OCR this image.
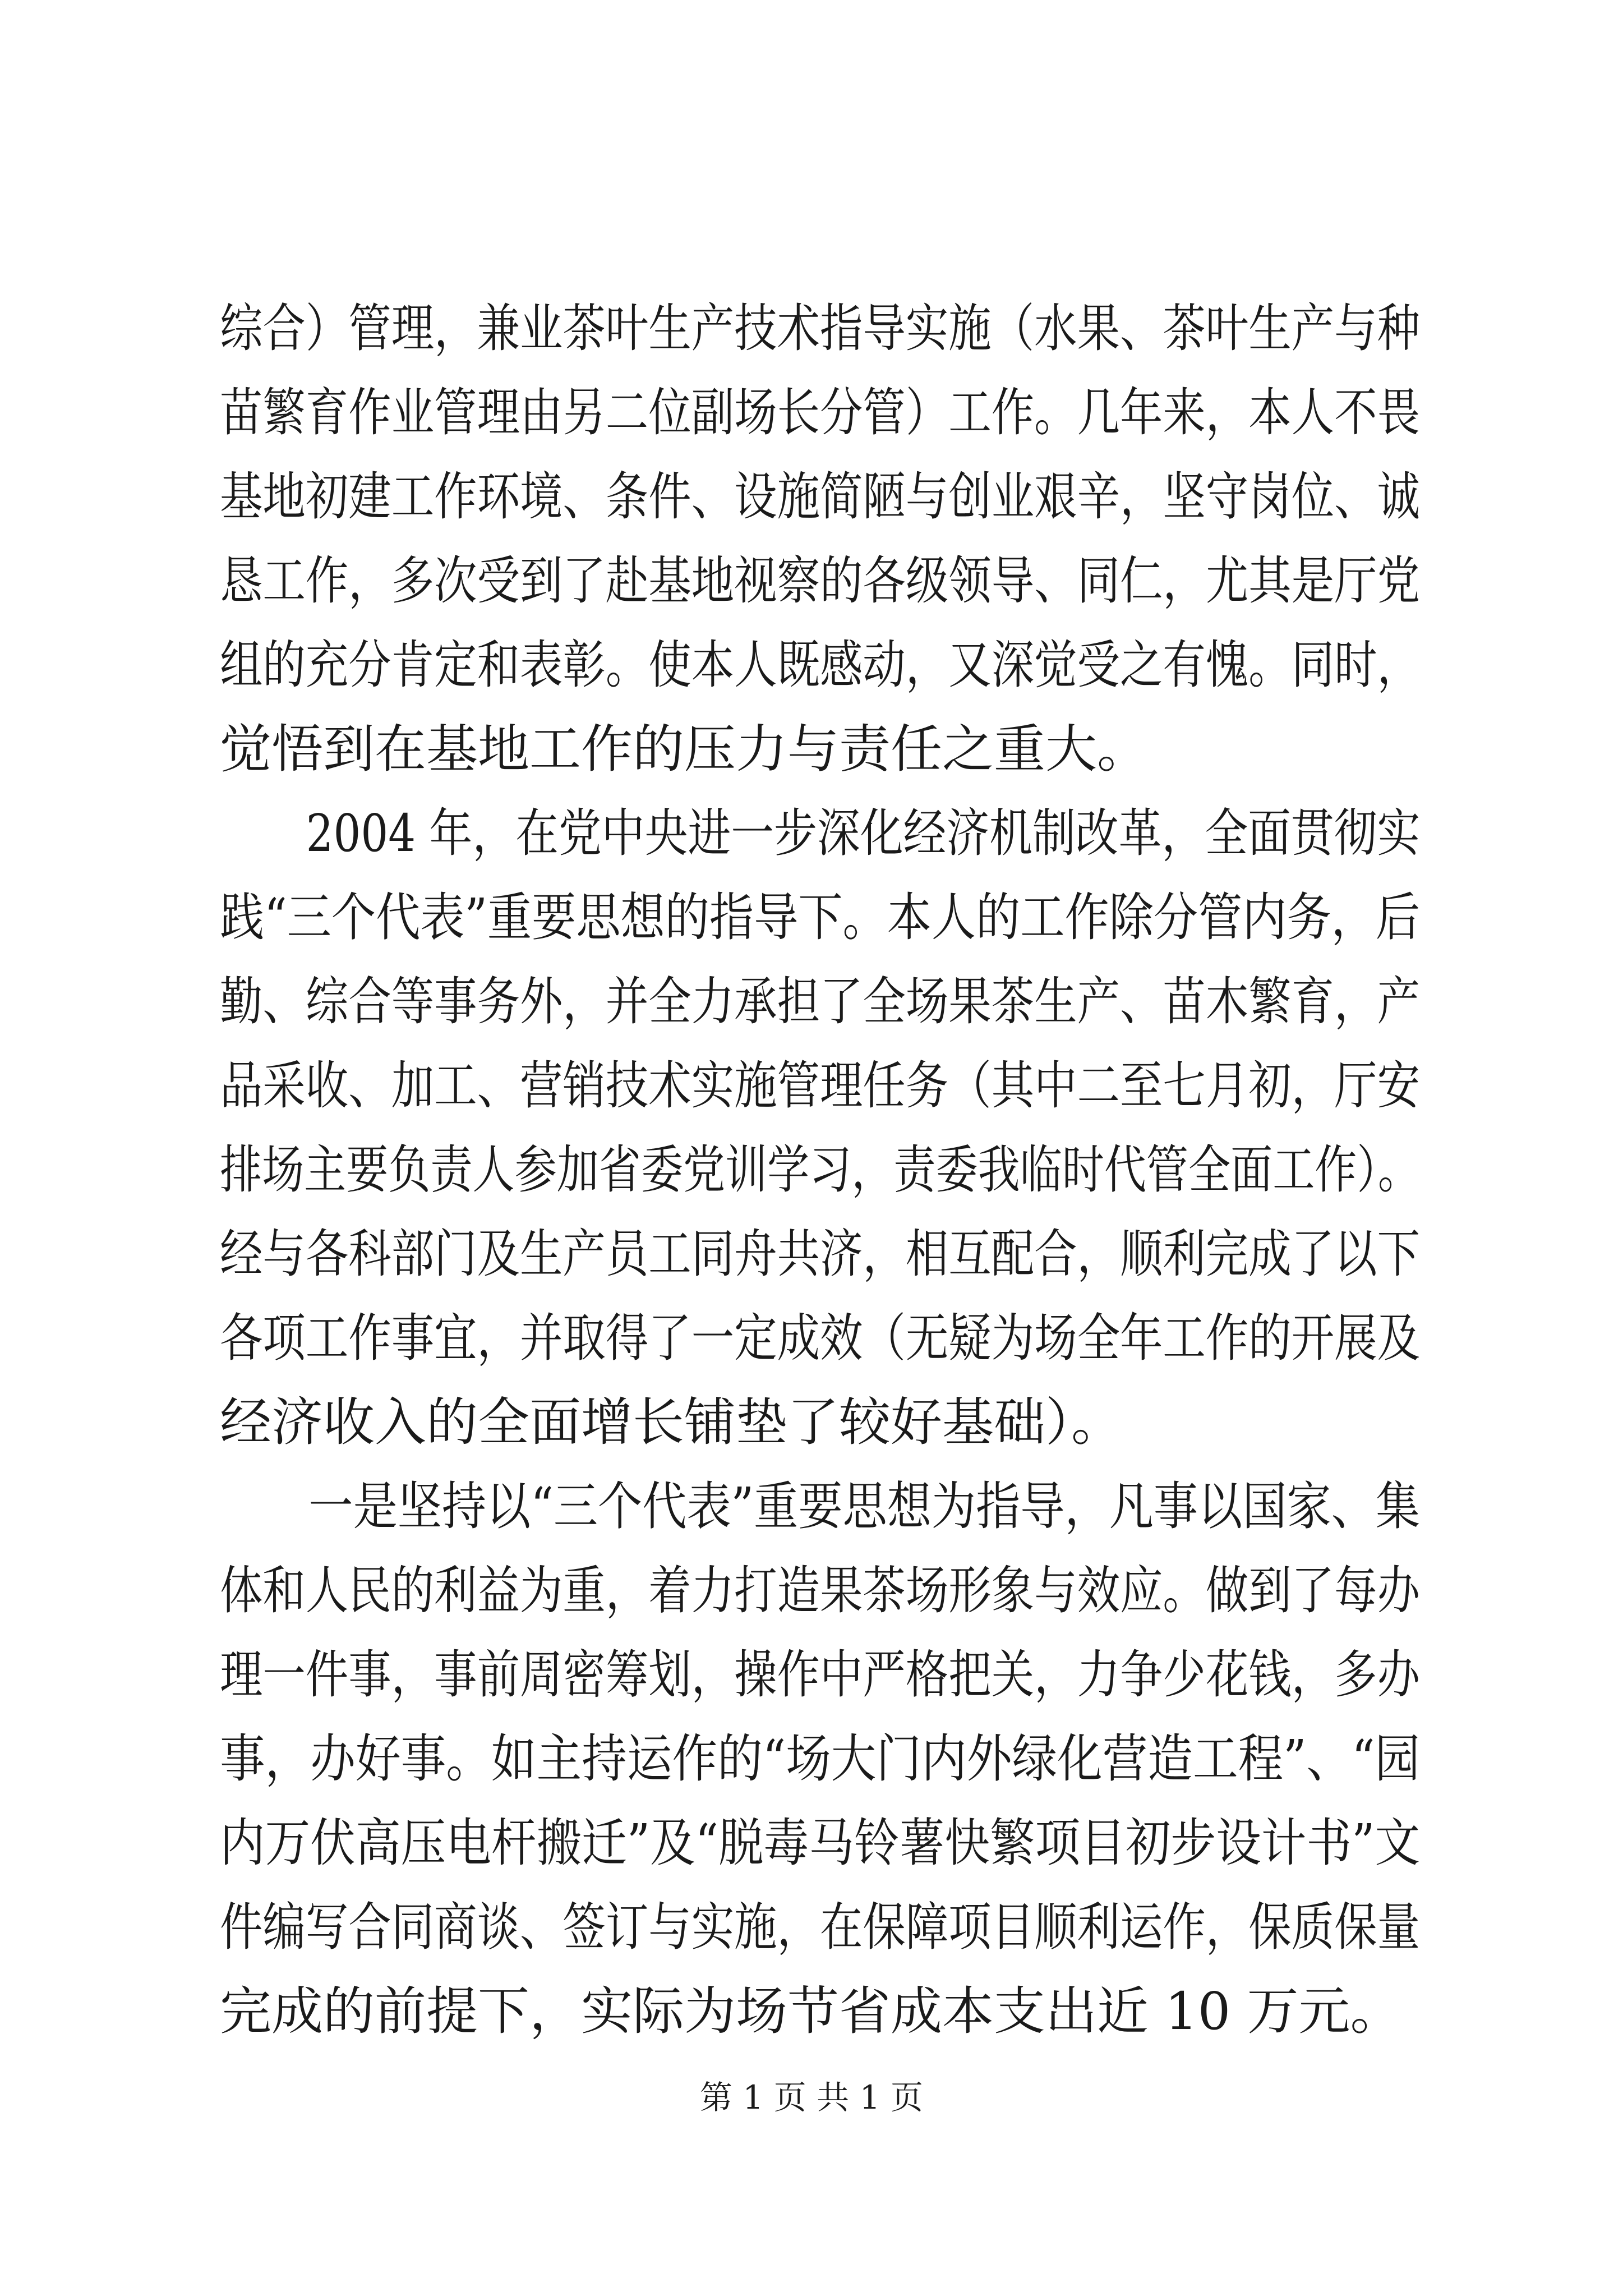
综合）管理，兼业茶叶生产技术指导实施（水果、茶叶生产与种
苗繁育作业管理由另二位副场长分管）工作。几年来，本人不畏
基地初建工作环境、条件、设施简陋与创业艰辛，坚守岗位、诚
恳工作，多次受到了赴基地视察的各级领导、同仁，尤其是厅党
组的充分肯定和表彰。使本人既感动，又深觉受之有愧。同时，
觉悟到在基地工作的压力与责任之重大。
　　2004 年，在党中央进一步深化经济机制改革，全面贯彻实
践“三个代表”重要思想的指导下。本人的工作除分管内务，后
勤、综合等事务外，并全力承担了全场果茶生产、苗木繁育，产
品采收、加工、营销技术实施管理任务（其中二至七月初，厅安
排场主要负责人参加省委党训学习，责委我临时代管全面工作）。
经与各科部门及生产员工同舟共济，相互配合，顺利完成了以下
各项工作事宜，并取得了一定成效（无疑为场全年工作的开展及
经济收入的全面增长铺垫了较好基础）。
　　一是坚持以“三个代表”重要思想为指导，凡事以国家、集
体和人民的利益为重，着力打造果茶场形象与效应。做到了每办
理一件事，事前周密筹划，操作中严格把关，力争少花钱，多办
事，办好事。如主持运作的“场大门内外绿化营造工程”、“园
内万伏高压电杆搬迁”及“脱毒马铃薯快繁项目初步设计书”文
件编写合同商谈、签订与实施，在保障项目顺利运作，保质保量
完成的前提下，实际为场节省成本支出近 10 万元。
第 1 页 共 1 页
